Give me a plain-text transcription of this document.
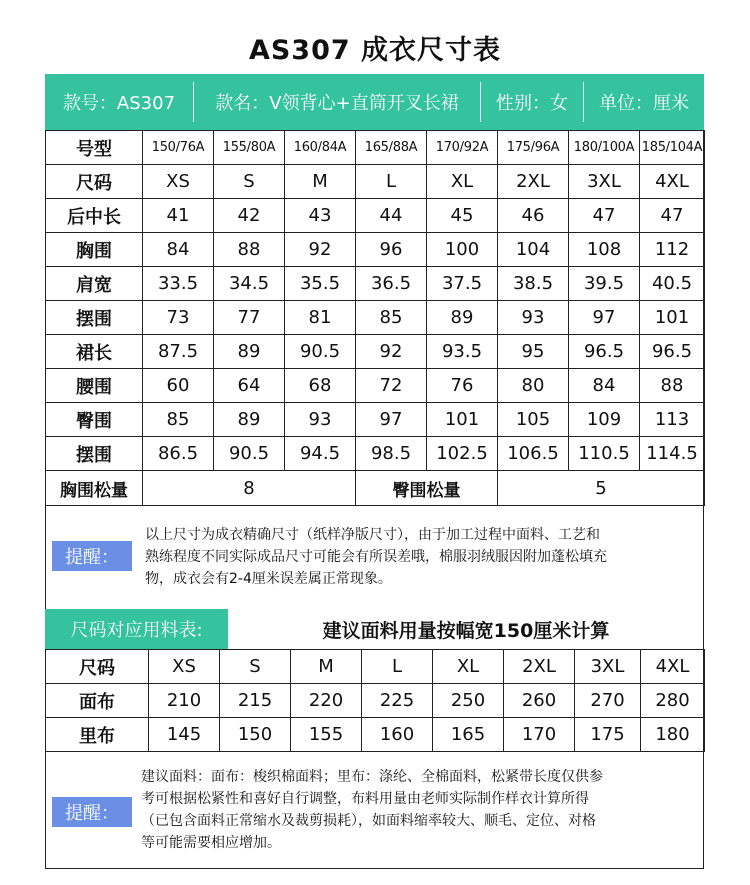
AS307 成衣尺寸表
款号：AS307	款名：V领背心+直筒开叉长裙	性别：女	单位：厘米
号型	150/76A	155/80A	160/84A	165/88A	170/92A	175/96A	180/100A	185/104A
尺码	XS	S	M	L	XL	2XL	3XL	4XL
后中长	41	42	43	44	45	46	47	47
胸围	84	88	92	96	100	104	108	112
肩宽	33.5	34.5	35.5	36.5	37.5	38.5	39.5	40.5
摆围	73	77	81	85	89	93	97	101
裙长	87.5	89	90.5	92	93.5	95	96.5	96.5
腰围	60	64	68	72	76	80	84	88
臀围	85	89	93	97	101	105	109	113
摆围	86.5	90.5	94.5	98.5	102.5	106.5	110.5	114.5
胸围松量	8			臀围松量		5		
提醒：
以上尺寸为成衣精确尺寸（纸样净版尺寸），由于加工过程中面料、工艺和
熟练程度不同实际成品尺寸可能会有所误差哦，棉服羽绒服因附加蓬松填充
物，成衣会有2-4厘米误差属正常现象。
尺码对应用料表:	建议面料用量按幅宽150厘米计算
尺码	XS	S	M	L	XL	2XL	3XL	4XL
面布	210	215	220	225	250	260	270	280
里布	145	150	155	160	165	170	175	180
提醒：
建议面料：面布：梭织棉面料；里布：涤纶、全棉面料，松紧带长度仅供参
考可根据松紧性和喜好自行调整，布料用量由老师实际制作样衣计算所得
（已包含面料正常缩水及裁剪损耗），如面料缩率较大、顺毛、定位、对格
等可能需要相应增加。
